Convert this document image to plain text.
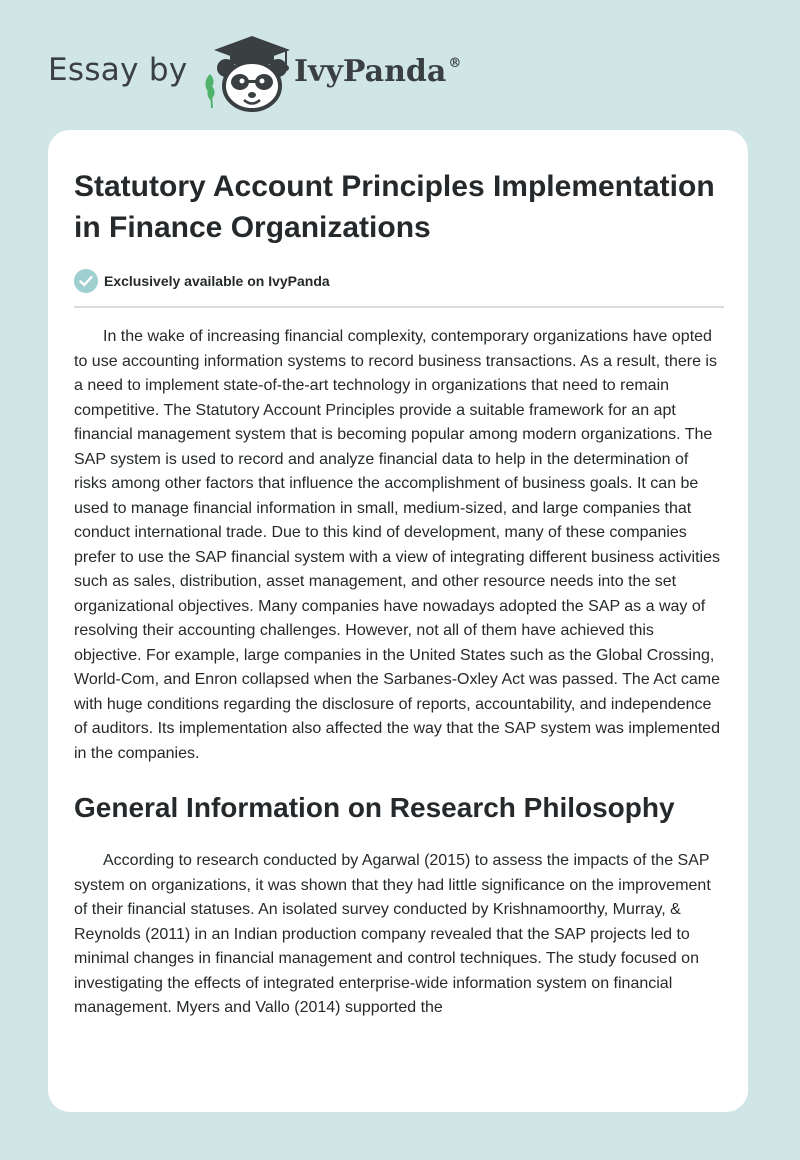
Essay by	IvyPanda ®
Statutory Account Principles Implementation in Finance Organizations
Exclusively available on IvyPanda

In the wake of increasing financial complexity, contemporary organizations have opted to use accounting information systems to record business transactions. As a result, there is a need to implement state-of-the-art technology in organizations that need to remain competitive. The Statutory Account Principles provide a suitable framework for an apt financial management system that is becoming popular among modern organizations. The SAP system is used to record and analyze financial data to help in the determination of risks among other factors that influence the accomplishment of business goals. It can be used to manage financial information in small, medium-sized, and large companies that conduct international trade. Due to this kind of development, many of these companies prefer to use the SAP financial system with a view of integrating different business activities such as sales, distribution, asset management, and other resource needs into the set organizational objectives. Many companies have nowadays adopted the SAP as a way of resolving their accounting challenges. However, not all of them have achieved this objective. For example, large companies in the United States such as the Global Crossing, World-Com, and Enron collapsed when the Sarbanes-Oxley Act was passed. The Act came with huge conditions regarding the disclosure of reports, accountability, and independence of auditors. Its implementation also affected the way that the SAP system was implemented in the companies.

General Information on Research Philosophy

According to research conducted by Agarwal (2015) to assess the impacts of the SAP system on organizations, it was shown that they had little significance on the improvement of their financial statuses. An isolated survey conducted by Krishnamoorthy, Murray, & Reynolds (2011) in an Indian production company revealed that the SAP projects led to minimal changes in financial management and control techniques. The study focused on investigating the effects of integrated enterprise-wide information system on financial management. Myers and Vallo (2014) supported the
